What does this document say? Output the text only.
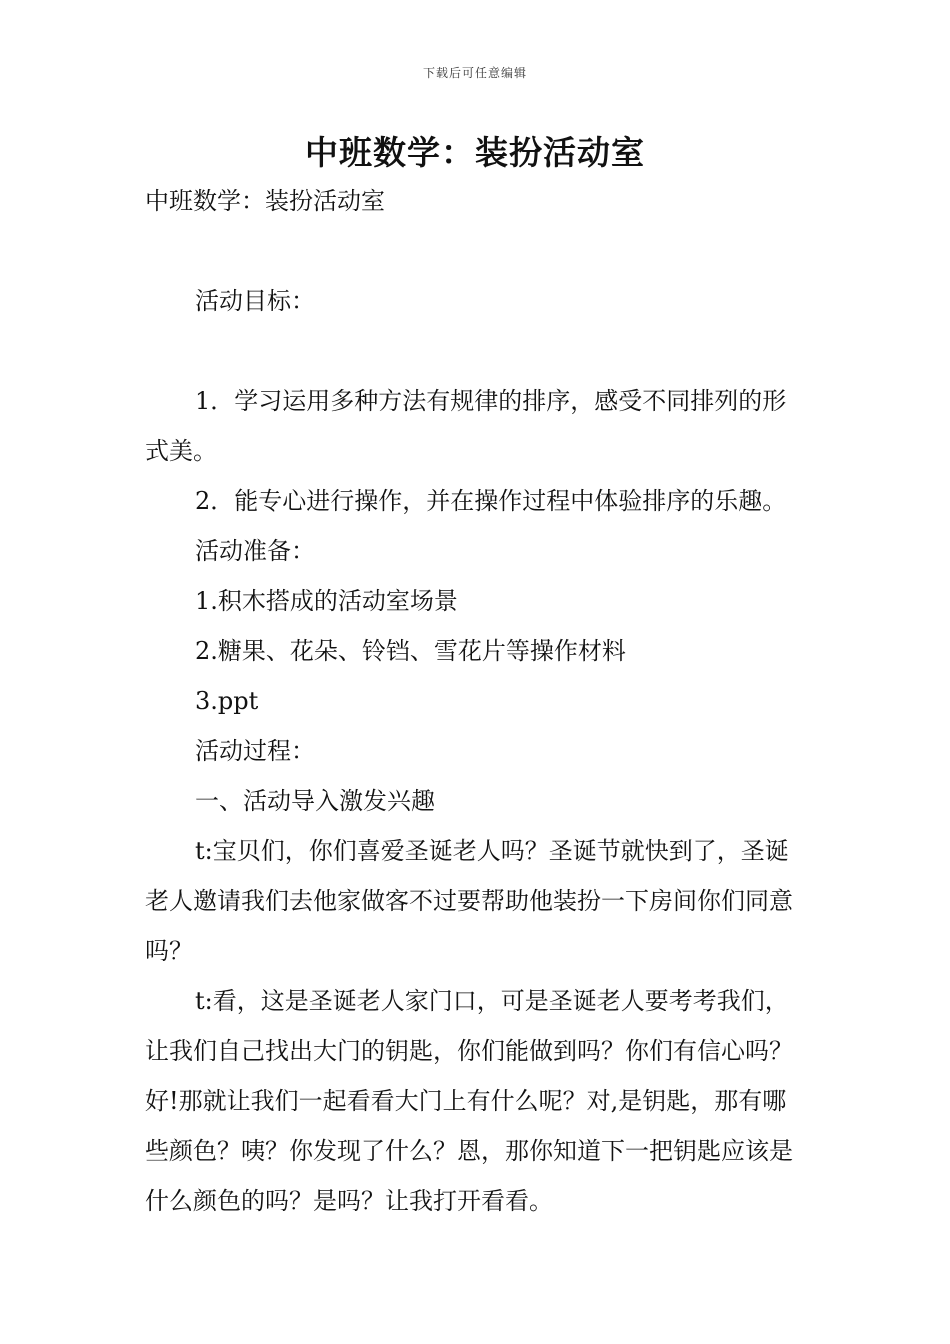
下载后可任意编辑
中班数学：装扮活动室

中班数学：装扮活动室

活动目标：

1．学习运用多种方法有规律的排序，感受不同排列的形式美。

2．能专心进行操作，并在操作过程中体验排序的乐趣。

活动准备：

1.积木搭成的活动室场景

2.糖果、花朵、铃铛、雪花片等操作材料

3.ppt

活动过程：

一、活动导入激发兴趣

t:宝贝们，你们喜爱圣诞老人吗？圣诞节就快到了，圣诞老人邀请我们去他家做客不过要帮助他装扮一下房间你们同意吗？

t:看，这是圣诞老人家门口，可是圣诞老人要考考我们，让我们自己找出大门的钥匙，你们能做到吗？你们有信心吗？好!那就让我们一起看看大门上有什么呢？对,是钥匙，那有哪些颜色？咦？你发现了什么？恩，那你知道下一把钥匙应该是什么颜色的吗？是吗？让我打开看看。
